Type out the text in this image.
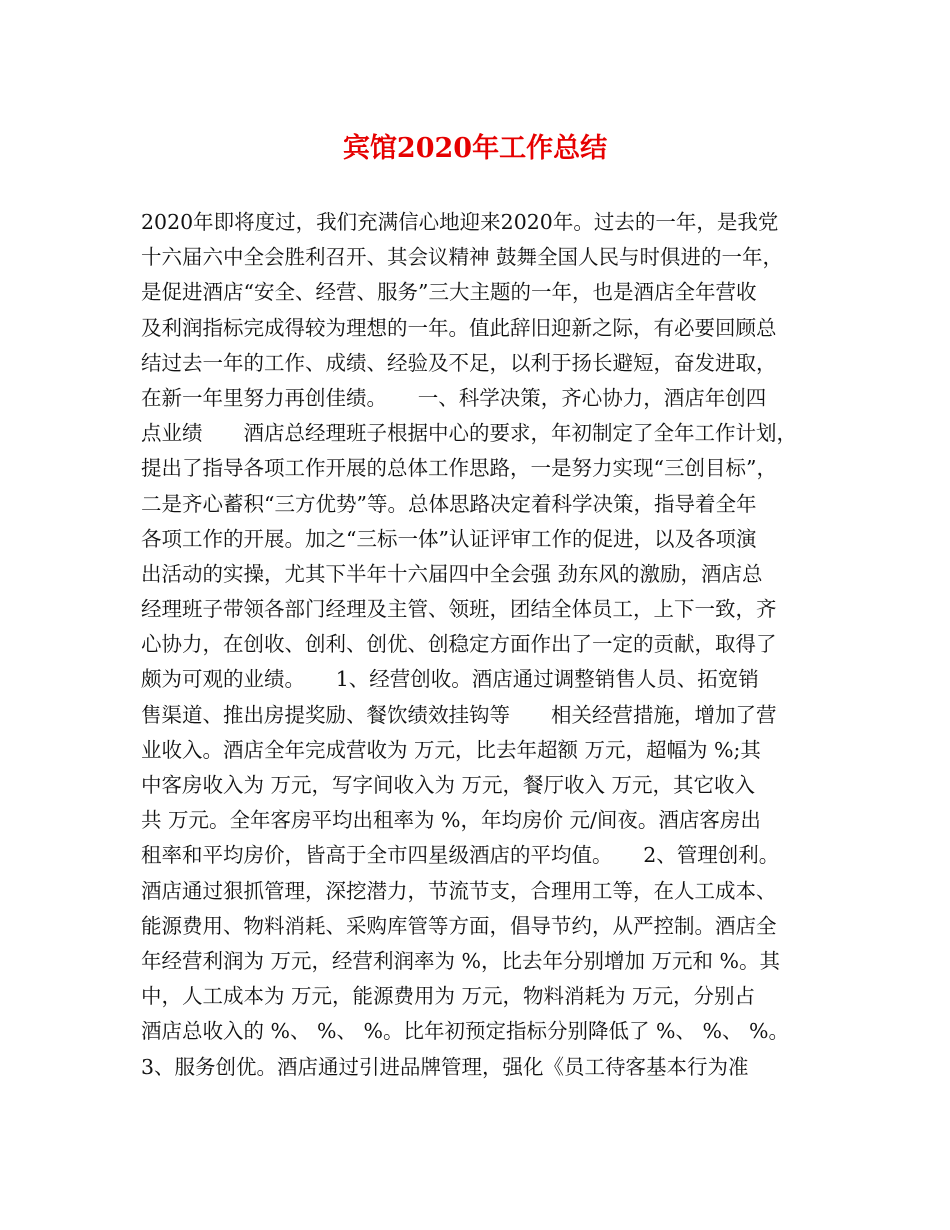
宾馆2020年工作总结
2020年即将度过，我们充满信心地迎来2020年。过去的一年，是我党
十六届六中全会胜利召开、其会议精神 鼓舞全国人民与时俱进的一年，
是促进酒店“安全、经营、服务”三大主题的一年，也是酒店全年营收
及利润指标完成得较为理想的一年。值此辞旧迎新之际，有必要回顾总
结过去一年的工作、成绩、经验及不足，以利于扬长避短，奋发进取，
在新一年里努力再创佳绩。　　一、科学决策，齐心协力，酒店年创四
点业绩　　酒店总经理班子根据中心的要求，年初制定了全年工作计划，
提出了指导各项工作开展的总体工作思路，一是努力实现“三创目标”，
二是齐心蓄积“三方优势”等。总体思路决定着科学决策，指导着全年
各项工作的开展。加之“三标一体”认证评审工作的促进，以及各项演
出活动的实操，尤其下半年十六届四中全会强 劲东风的激励，酒店总
经理班子带领各部门经理及主管、领班，团结全体员工，上下一致，齐
心协力，在创收、创利、创优、创稳定方面作出了一定的贡献，取得了
颇为可观的业绩。　　1、经营创收。酒店通过调整销售人员、拓宽销
售渠道、推出房提奖励、餐饮绩效挂钩等　　相关经营措施，增加了营
业收入。酒店全年完成营收为 万元，比去年超额 万元，超幅为 %;其
中客房收入为 万元，写字间收入为 万元，餐厅收入 万元，其它收入
共 万元。全年客房平均出租率为 %，年均房价 元/间夜。酒店客房出
租率和平均房价，皆高于全市四星级酒店的平均值。　　2、管理创利。
酒店通过狠抓管理，深挖潜力，节流节支，合理用工等，在人工成本、
能源费用、物料消耗、采购库管等方面，倡导节约，从严控制。酒店全
年经营利润为 万元，经营利润率为 %，比去年分别增加 万元和 %。其
中，人工成本为 万元，能源费用为 万元，物料消耗为 万元，分别占
酒店总收入的 %、 %、 %。比年初预定指标分别降低了 %、 %、 %。
3、服务创优。酒店通过引进品牌管理，强化《员工待客基本行为准
